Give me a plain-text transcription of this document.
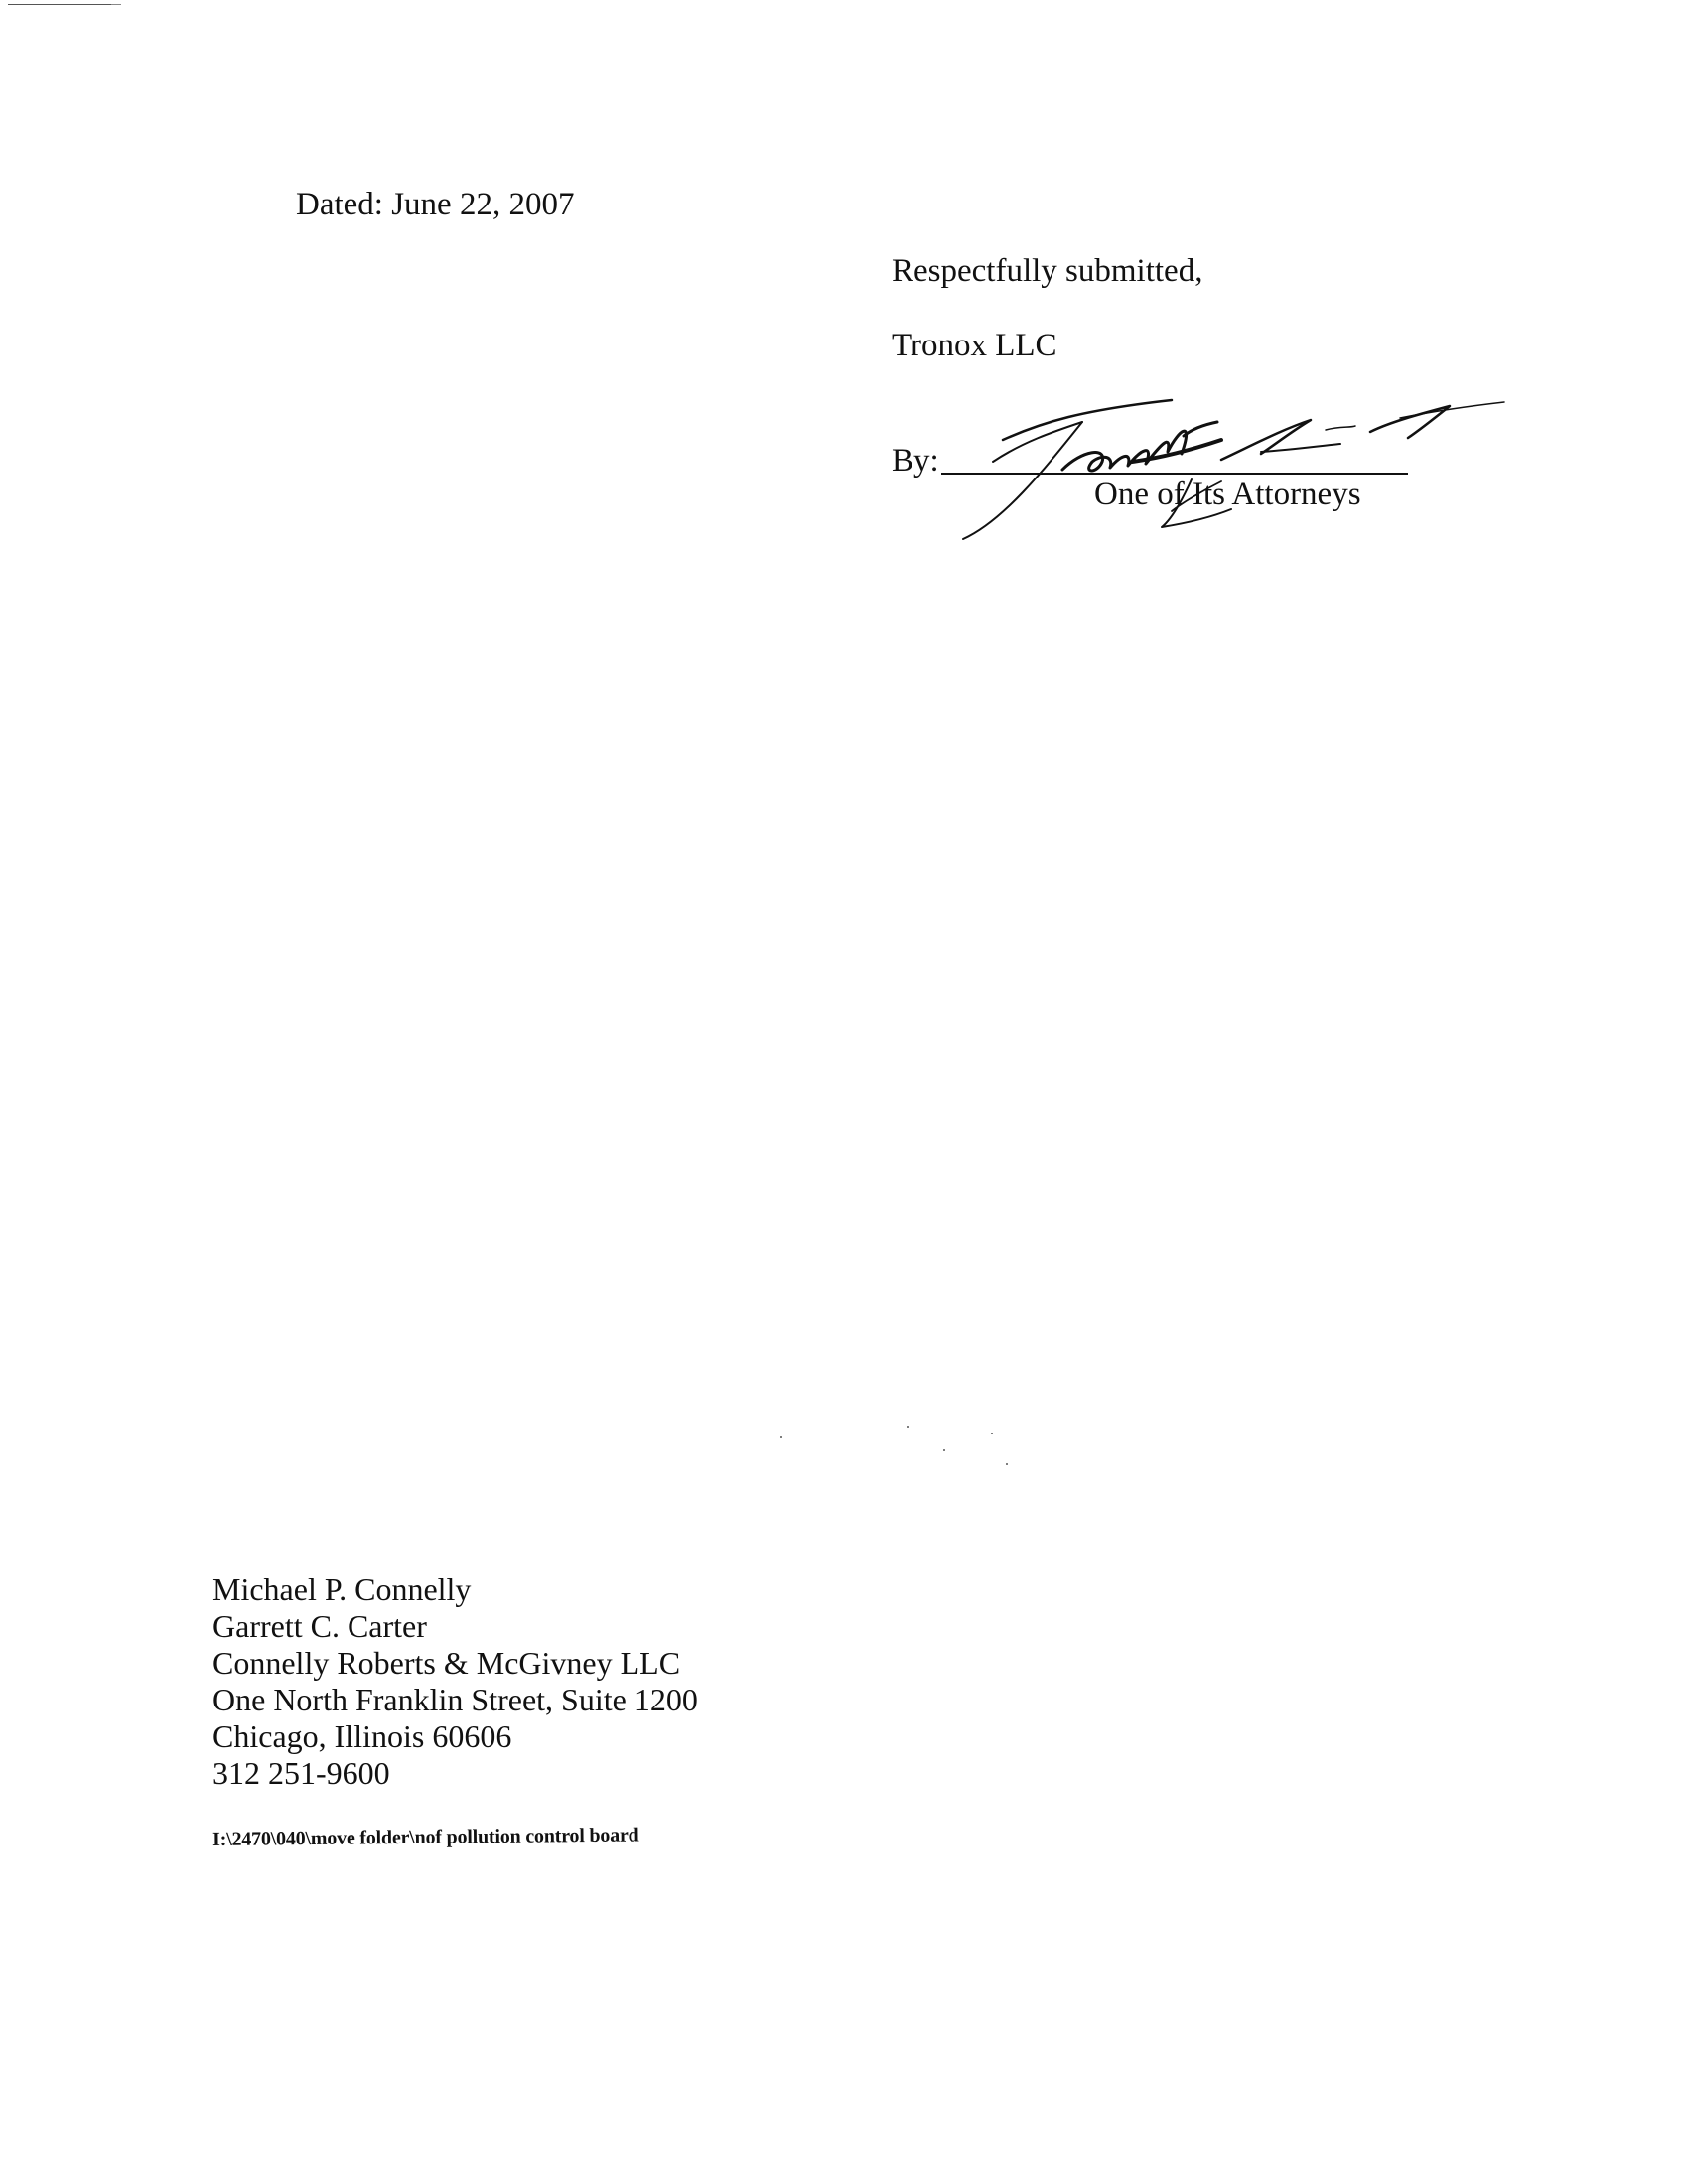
Dated: June 22, 2007
Respectfully submitted,
Tronox LLC
By:
One of Its Attorneys
Michael P. Connelly
Garrett C. Carter
Connelly Roberts & McGivney LLC
One North Franklin Street, Suite 1200
Chicago, Illinois 60606
312 251-9600
I:\2470\040\move folder\nof pollution control board
